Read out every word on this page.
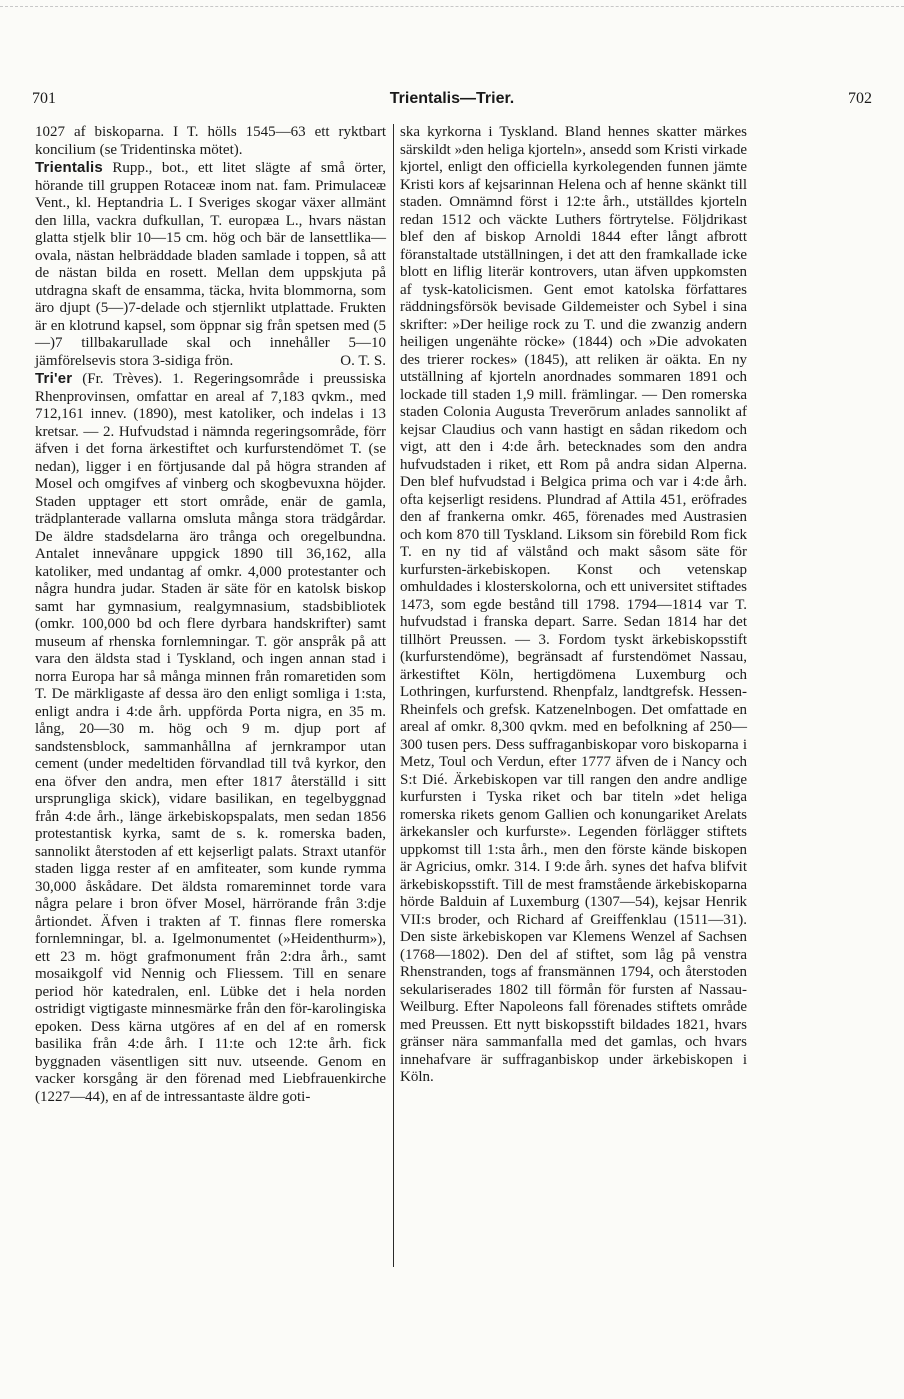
701	Trientalis—Trier.	702

1027 af biskoparna. I T. hölls 1545—63 ett ryktbart koncilium (se Tridentinska mötet).

Trientalis Rupp., bot., ett litet slägte af små örter, hörande till gruppen Rotaceæ inom nat. fam. Primulaceæ Vent., kl. Heptandria L. I Sveriges skogar växer allmänt den lilla, vackra dufkullan, T. europæa L., hvars nästan glatta stjelk blir 10—15 cm. hög och bär de lansettlika—ovala, nästan helbräddade bladen samlade i toppen, så att de nästan bilda en rosett. Mellan dem uppskjuta på utdragna skaft de ensamma, täcka, hvita blommorna, som äro djupt (5—)7-delade och stjernlikt utplattade. Frukten är en klotrund kapsel, som öppnar sig från spetsen med (5—)7 tillbakarullade skal och innehåller 5—10 jämförelsevis stora 3-sidiga frön.	O. T. S.

Tri'er (Fr. Trèves). 1. Regeringsområde i preussiska Rhenprovinsen, omfattar en areal af 7,183 qvkm., med 712,161 innev. (1890), mest katoliker, och indelas i 13 kretsar. — 2. Hufvudstad i nämnda regeringsområde, förr äfven i det forna ärkestiftet och kurfurstendömet T. (se nedan), ligger i en förtjusande dal på högra stranden af Mosel och omgifves af vinberg och skogbevuxna höjder. Staden upptager ett stort område, enär de gamla, trädplanterade vallarna omsluta många stora trädgårdar. De äldre stadsdelarna äro trånga och oregelbundna. Antalet innevånare uppgick 1890 till 36,162, alla katoliker, med undantag af omkr. 4,000 protestanter och några hundra judar. Staden är säte för en katolsk biskop samt har gymnasium, realgymnasium, stadsbibliotek (omkr. 100,000 bd och flere dyrbara handskrifter) samt museum af rhenska fornlemningar. T. gör anspråk på att vara den äldsta stad i Tyskland, och ingen annan stad i norra Europa har så många minnen från romaretiden som T. De märkligaste af dessa äro den enligt somliga i 1:sta, enligt andra i 4:de årh. uppförda Porta nigra, en 35 m. lång, 20—30 m. hög och 9 m. djup port af sandstensblock, sammanhållna af jernkrampor utan cement (under medeltiden förvandlad till två kyrkor, den ena öfver den andra, men efter 1817 återställd i sitt ursprungliga skick), vidare basilikan, en tegelbyggnad från 4:de årh., länge ärkebiskopspalats, men sedan 1856 protestantisk kyrka, samt de s. k. romerska baden, sannolikt återstoden af ett kejserligt palats. Straxt utanför staden ligga rester af en amfiteater, som kunde rymma 30,000 åskådare. Det äldsta romareminnet torde vara några pelare i bron öfver Mosel, härrörande från 3:dje årtiondet. Äfven i trakten af T. finnas flere romerska fornlemningar, bl. a. Igelmonumentet (»Heidenthurm»), ett 23 m. högt grafmonument från 2:dra årh., samt mosaikgolf vid Nennig och Fliessem. Till en senare period hör katedralen, enl. Lübke det i hela norden ostridigt vigtigaste minnesmärke från den för-karolingiska epoken. Dess kärna utgöres af en del af en romersk basilika från 4:de årh. I 11:te och 12:te årh. fick byggnaden väsentligen sitt nuv. utseende. Genom en vacker korsgång är den förenad med Liebfrauenkirche (1227—44), en af de intressantaste äldre goti-

ska kyrkorna i Tyskland. Bland hennes skatter märkes särskildt »den heliga kjorteln», ansedd som Kristi virkade kjortel, enligt den officiella kyrkolegenden funnen jämte Kristi kors af kejsarinnan Helena och af henne skänkt till staden. Omnämnd först i 12:te årh., utställdes kjorteln redan 1512 och väckte Luthers förtrytelse. Följdrikast blef den af biskop Arnoldi 1844 efter långt afbrott föranstaltade utställningen, i det att den framkallade icke blott en liflig literär kontrovers, utan äfven uppkomsten af tysk-katolicismen. Gent emot katolska författares räddningsförsök bevisade Gildemeister och Sybel i sina skrifter: »Der heilige rock zu T. und die zwanzig andern heiligen ungenähte röcke» (1844) och »Die advokaten des trierer rockes» (1845), att reliken är oäkta. En ny utställning af kjorteln anordnades sommaren 1891 och lockade till staden 1,9 mill. främlingar. — Den romerska staden Colonia Augusta Treverōrum anlades sannolikt af kejsar Claudius och vann hastigt en sådan rikedom och vigt, att den i 4:de årh. betecknades som den andra hufvudstaden i riket, ett Rom på andra sidan Alperna. Den blef hufvudstad i Belgica prima och var i 4:de årh. ofta kejserligt residens. Plundrad af Attila 451, eröfrades den af frankerna omkr. 465, förenades med Austrasien och kom 870 till Tyskland. Liksom sin förebild Rom fick T. en ny tid af välstånd och makt såsom säte för kurfursten-ärkebiskopen. Konst och vetenskap omhuldades i klosterskolorna, och ett universitet stiftades 1473, som egde bestånd till 1798. 1794—1814 var T. hufvudstad i franska depart. Sarre. Sedan 1814 har det tillhört Preussen. — 3. Fordom tyskt ärkebiskopsstift (kurfurstendöme), begränsadt af furstendömet Nassau, ärkestiftet Köln, hertigdömena Luxemburg och Lothringen, kurfurstend. Rhenpfalz, landtgrefsk. Hessen-Rheinfels och grefsk. Katzenelnbogen. Det omfattade en areal af omkr. 8,300 qvkm. med en befolkning af 250—300 tusen pers. Dess suffraganbiskopar voro biskoparna i Metz, Toul och Verdun, efter 1777 äfven de i Nancy och S:t Dié. Ärkebiskopen var till rangen den andre andlige kurfursten i Tyska riket och bar titeln »det heliga romerska rikets genom Gallien och konungariket Arelats ärkekansler och kurfurste». Legenden förlägger stiftets uppkomst till 1:sta årh., men den förste kände biskopen är Agricius, omkr. 314. I 9:de årh. synes det hafva blifvit ärkebiskopsstift. Till de mest framstående ärkebiskoparna hörde Balduin af Luxemburg (1307—54), kejsar Henrik VII:s broder, och Richard af Greiffenklau (1511—31). Den siste ärkebiskopen var Klemens Wenzel af Sachsen (1768—1802). Den del af stiftet, som låg på venstra Rhenstranden, togs af fransmännen 1794, och återstoden sekulariserades 1802 till förmån för fursten af Nassau-Weilburg. Efter Napoleons fall förenades stiftets område med Preussen. Ett nytt biskopsstift bildades 1821, hvars gränser nära sammanfalla med det gamlas, och hvars innehafvare är suffraganbiskop under ärkebiskopen i Köln.
